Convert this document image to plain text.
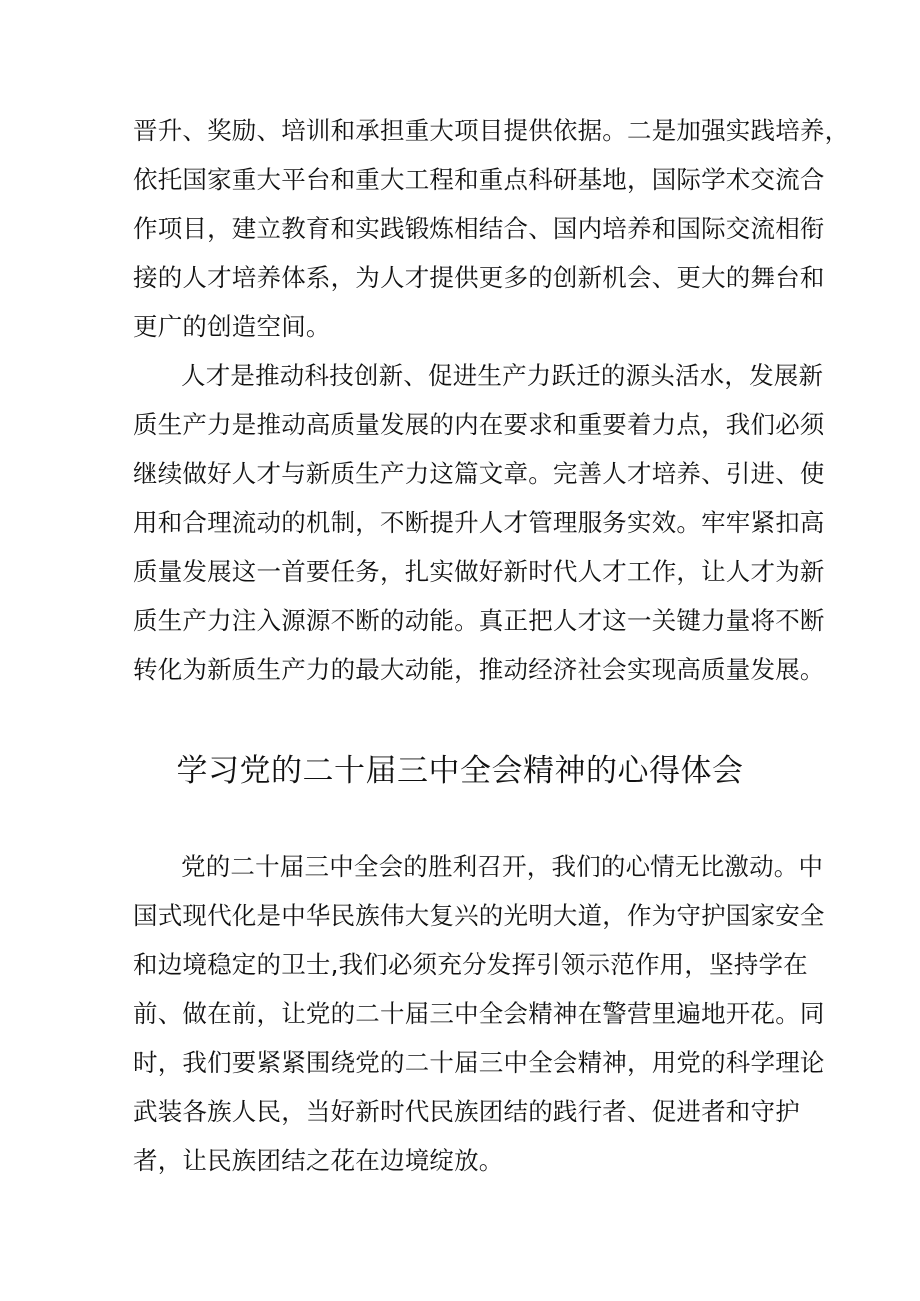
晋升、奖励、培训和承担重大项目提供依据。二是加强实践培养，
依托国家重大平台和重大工程和重点科研基地，国际学术交流合
作项目，建立教育和实践锻炼相结合、国内培养和国际交流相衔
接的人才培养体系，为人才提供更多的创新机会、更大的舞台和
更广的创造空间。
人才是推动科技创新、促进生产力跃迁的源头活水，发展新
质生产力是推动高质量发展的内在要求和重要着力点，我们必须
继续做好人才与新质生产力这篇文章。完善人才培养、引进、使
用和合理流动的机制，不断提升人才管理服务实效。牢牢紧扣高
质量发展这一首要任务，扎实做好新时代人才工作，让人才为新
质生产力注入源源不断的动能。真正把人才这一关键力量将不断
转化为新质生产力的最大动能，推动经济社会实现高质量发展。
学习党的二十届三中全会精神的心得体会
党的二十届三中全会的胜利召开，我们的心情无比激动。中
国式现代化是中华民族伟大复兴的光明大道，作为守护国家安全
和边境稳定的卫士,我们必须充分发挥引领示范作用，坚持学在
前、做在前，让党的二十届三中全会精神在警营里遍地开花。同
时，我们要紧紧围绕党的二十届三中全会精神，用党的科学理论
武装各族人民，当好新时代民族团结的践行者、促进者和守护
者，让民族团结之花在边境绽放。
